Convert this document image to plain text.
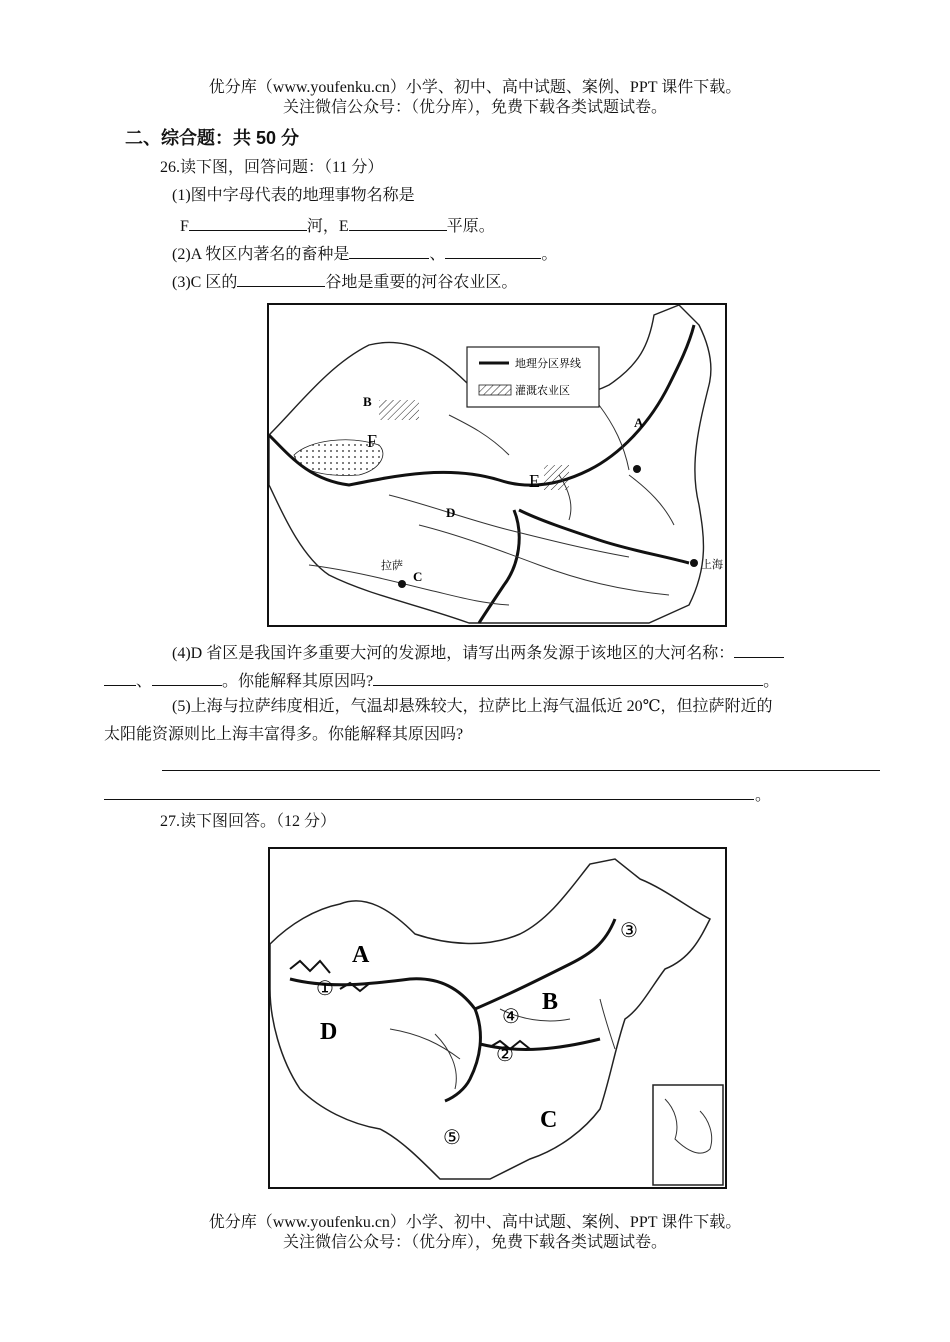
优分库（www.youfenku.cn）小学、初中、高中试题、案例、PPT 课件下载。
关注微信公众号：（优分库），免费下载各类试题试卷。
二、综合题：共 50 分
26.读下图，回答问题：（11 分）
(1)图中字母代表的地理事物名称是
F	河，E	平原。
(2)A 牧区内著名的畜种是	、	。
(3)C 区的	谷地是重要的河谷农业区。
地理分区界线
灌溉农业区
B
F
A
E
D
拉萨
C
上海
(4)D 省区是我国许多重要大河的发源地，请写出两条发源于该地区的大河名称：
、	。你能解释其原因吗?	。
(5)上海与拉萨纬度相近，气温却悬殊较大，拉萨比上海气温低近 20℃，但拉萨附近的
太阳能资源则比上海丰富得多。你能解释其原因吗?
。
27.读下图回答。（12 分）
A
B
C
D
①
②
③
④
⑤
优分库（www.youfenku.cn）小学、初中、高中试题、案例、PPT 课件下载。
关注微信公众号：（优分库），免费下载各类试题试卷。
